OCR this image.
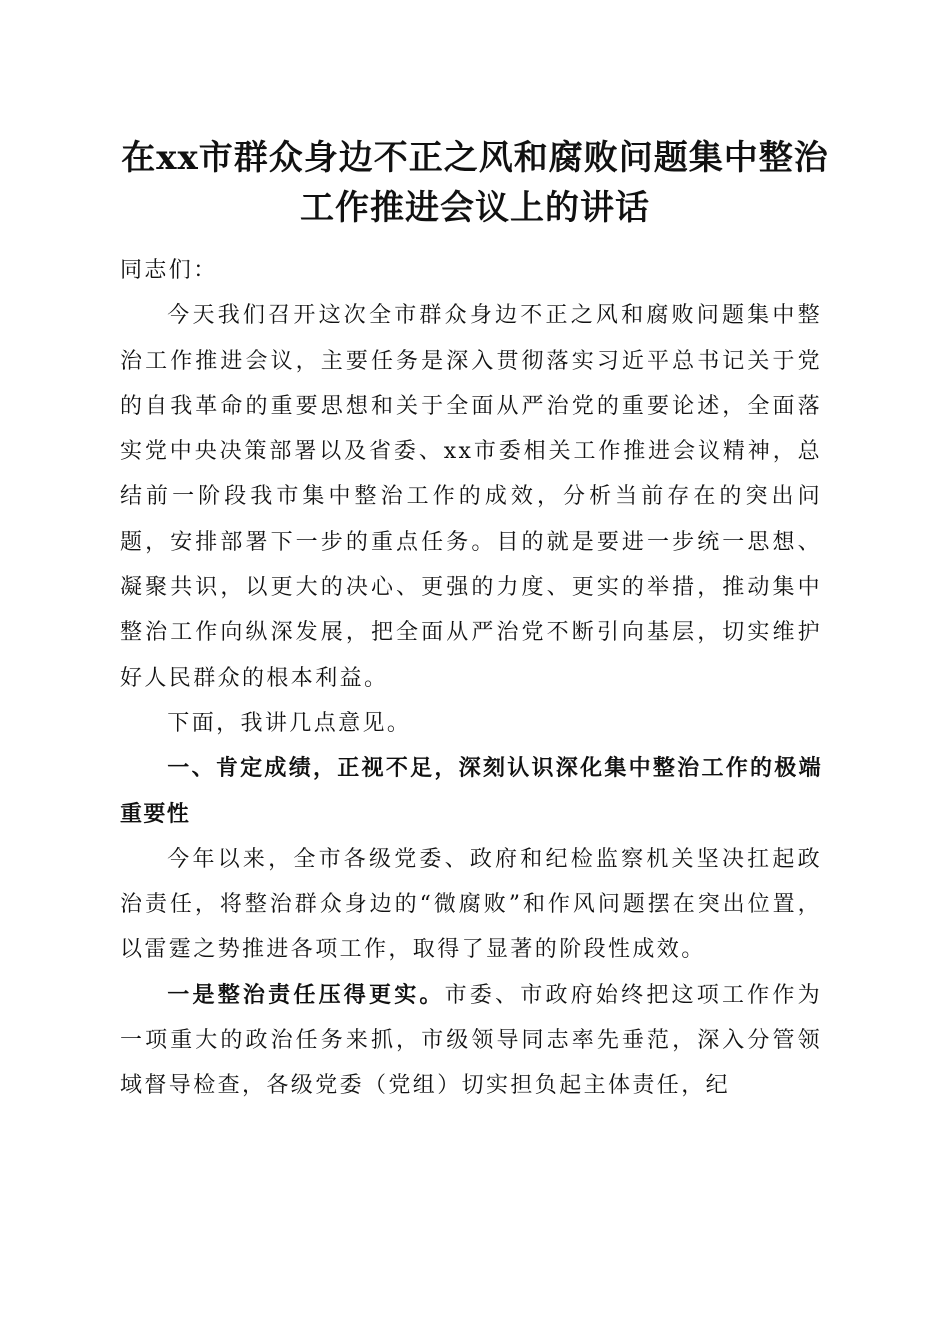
在xx市群众身边不正之风和腐败问题集中整治工作推进会议上的讲话

同志们：

今天我们召开这次全市群众身边不正之风和腐败问题集中整治工作推进会议，主要任务是深入贯彻落实习近平总书记关于党的自我革命的重要思想和关于全面从严治党的重要论述，全面落实党中央决策部署以及省委、xx市委相关工作推进会议精神，总结前一阶段我市集中整治工作的成效，分析当前存在的突出问题，安排部署下一步的重点任务。目的就是要进一步统一思想、凝聚共识，以更大的决心、更强的力度、更实的举措，推动集中整治工作向纵深发展，把全面从严治党不断引向基层，切实维护好人民群众的根本利益。

下面，我讲几点意见。

一、肯定成绩，正视不足，深刻认识深化集中整治工作的极端重要性

今年以来，全市各级党委、政府和纪检监察机关坚决扛起政治责任，将整治群众身边的“微腐败”和作风问题摆在突出位置，以雷霆之势推进各项工作，取得了显著的阶段性成效。

一是整治责任压得更实。市委、市政府始终把这项工作作为一项重大的政治任务来抓，市级领导同志率先垂范，深入分管领域督导检查，各级党委（党组）切实担负起主体责任，纪
